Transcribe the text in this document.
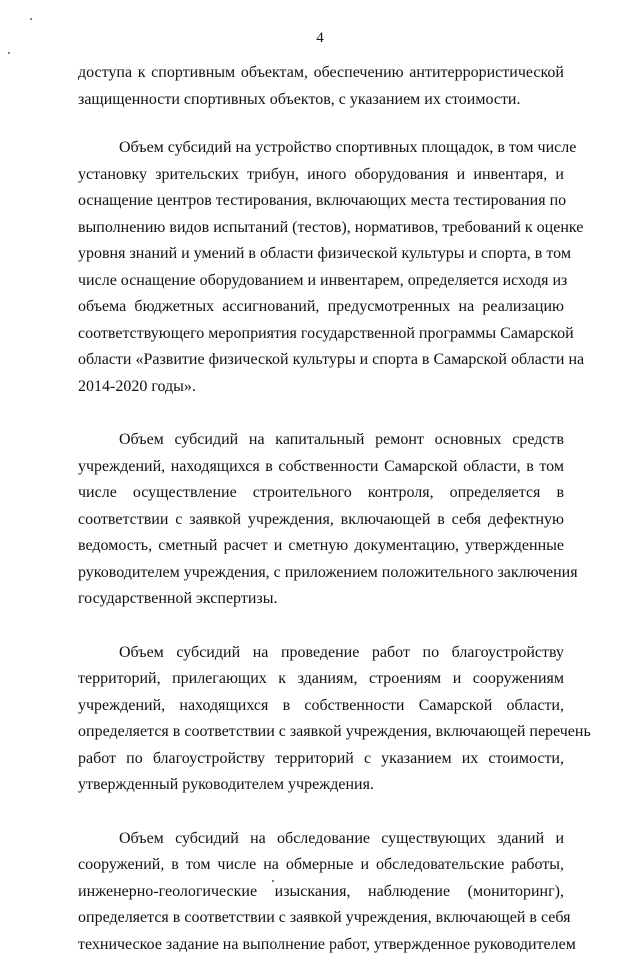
4

доступа к спортивным объектам, обеспечению антитеррористической
защищенности спортивных объектов, с указанием их стоимости.

Объем субсидий на устройство спортивных площадок, в том числе
установку зрительских трибун, иного оборудования и инвентаря, и
оснащение центров тестирования, включающих места тестирования по
выполнению видов испытаний (тестов), нормативов, требований к оценке
уровня знаний и умений в области физической культуры и спорта, в том
числе оснащение оборудованием и инвентарем, определяется исходя из
объема бюджетных ассигнований, предусмотренных на реализацию
соответствующего мероприятия государственной программы Самарской
области «Развитие физической культуры и спорта в Самарской области на
2014-2020 годы».

Объем субсидий на капитальный ремонт основных средств
учреждений, находящихся в собственности Самарской области, в том
числе осуществление строительного контроля, определяется в
соответствии с заявкой учреждения, включающей в себя дефектную
ведомость, сметный расчет и сметную документацию, утвержденные
руководителем учреждения, с приложением положительного заключения
государственной экспертизы.

Объем субсидий на проведение работ по благоустройству
территорий, прилегающих к зданиям, строениям и сооружениям
учреждений, находящихся в собственности Самарской области,
определяется в соответствии с заявкой учреждения, включающей перечень
работ по благоустройству территорий с указанием их стоимости,
утвержденный руководителем учреждения.

Объем субсидий на обследование существующих зданий и
сооружений, в том числе на обмерные и обследовательские работы,
инженерно-геологические изыскания, наблюдение (мониторинг),
определяется в соответствии с заявкой учреждения, включающей в себя
техническое задание на выполнение работ, утвержденное руководителем
